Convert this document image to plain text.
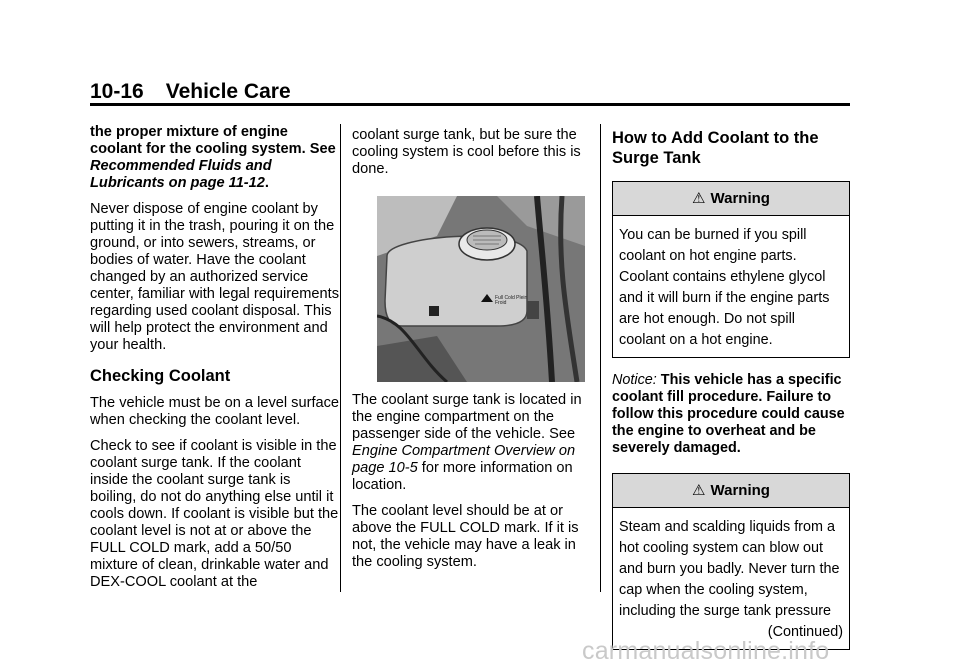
10-16 Vehicle Care

the proper mixture of engine coolant for the cooling system. See Recommended Fluids and Lubricants on page 11-12.

Never dispose of engine coolant by putting it in the trash, pouring it on the ground, or into sewers, streams, or bodies of water. Have the coolant changed by an authorized service center, familiar with legal requirements regarding used coolant disposal. This will help protect the environment and your health.

Checking Coolant

The vehicle must be on a level surface when checking the coolant level.

Check to see if coolant is visible in the coolant surge tank. If the coolant inside the coolant surge tank is boiling, do not do anything else until it cools down. If coolant is visible but the coolant level is not at or above the FULL COLD mark, add a 50/50 mixture of clean, drinkable water and DEX-COOL coolant at the

coolant surge tank, but be sure the cooling system is cool before this is done.

Full Cold Plein Froid

The coolant surge tank is located in the engine compartment on the passenger side of the vehicle. See Engine Compartment Overview on page 10-5 for more information on location.

The coolant level should be at or above the FULL COLD mark. If it is not, the vehicle may have a leak in the cooling system.

How to Add Coolant to the Surge Tank
⚠ Warning
You can be burned if you spill coolant on hot engine parts. Coolant contains ethylene glycol and it will burn if the engine parts are hot enough. Do not spill coolant on a hot engine.
Notice: This vehicle has a specific coolant fill procedure. Failure to follow this procedure could cause the engine to overheat and be severely damaged.
⚠ Warning
Steam and scalding liquids from a hot cooling system can blow out and burn you badly. Never turn the cap when the cooling system, including the surge tank pressure
(Continued)
carmanualsonline.info
